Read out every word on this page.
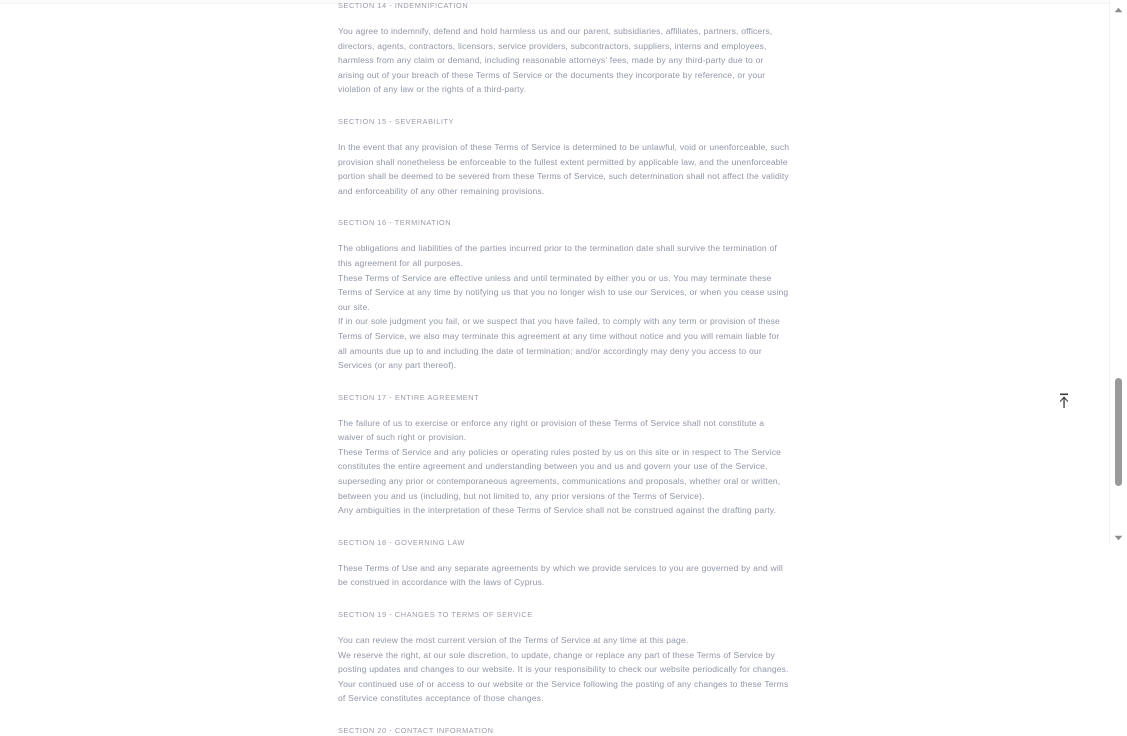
SECTION 14 - INDEMNIFICATION

You agree to indemnify, defend and hold harmless us and our parent, subsidiaries, affiliates, partners, officers, directors, agents, contractors, licensors, service providers, subcontractors, suppliers, interns and employees, harmless from any claim or demand, including reasonable attorneys' fees, made by any third-party due to or arising out of your breach of these Terms of Service or the documents they incorporate by reference, or your violation of any law or the rights of a third-party.

SECTION 15 - SEVERABILITY

In the event that any provision of these Terms of Service is determined to be unlawful, void or unenforceable, such provision shall nonetheless be enforceable to the fullest extent permitted by applicable law, and the unenforceable portion shall be deemed to be severed from these Terms of Service, such determination shall not affect the validity and enforceability of any other remaining provisions.

SECTION 16 - TERMINATION

The obligations and liabilities of the parties incurred prior to the termination date shall survive the termination of this agreement for all purposes.

These Terms of Service are effective unless and until terminated by either you or us. You may terminate these Terms of Service at any time by notifying us that you no longer wish to use our Services, or when you cease using our site.

If in our sole judgment you fail, or we suspect that you have failed, to comply with any term or provision of these Terms of Service, we also may terminate this agreement at any time without notice and you will remain liable for all amounts due up to and including the date of termination; and/or accordingly may deny you access to our Services (or any part thereof).

SECTION 17 - ENTIRE AGREEMENT

The failure of us to exercise or enforce any right or provision of these Terms of Service shall not constitute a waiver of such right or provision.

These Terms of Service and any policies or operating rules posted by us on this site or in respect to The Service constitutes the entire agreement and understanding between you and us and govern your use of the Service, superseding any prior or contemporaneous agreements, communications and proposals, whether oral or written, between you and us (including, but not limited to, any prior versions of the Terms of Service).

Any ambiguities in the interpretation of these Terms of Service shall not be construed against the drafting party.

SECTION 18 - GOVERNING LAW

These Terms of Use and any separate agreements by which we provide services to you are governed by and will be construed in accordance with the laws of Cyprus.

SECTION 19 - CHANGES TO TERMS OF SERVICE

You can review the most current version of the Terms of Service at any time at this page.

We reserve the right, at our sole discretion, to update, change or replace any part of these Terms of Service by posting updates and changes to our website. It is your responsibility to check our website periodically for changes. Your continued use of or access to our website or the Service following the posting of any changes to these Terms of Service constitutes acceptance of those changes.

SECTION 20 - CONTACT INFORMATION
